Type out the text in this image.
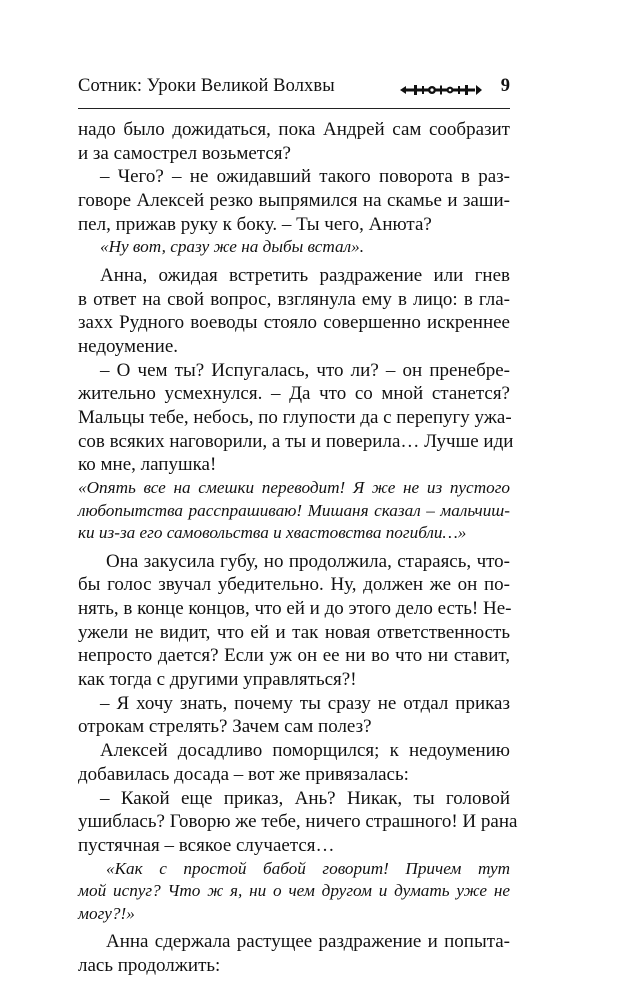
Сотник: Уроки Великой Волхвы	9
надо было дожидаться, пока Андрей сам сообразит
и за самострел возьмется?
– Чего? – не ожидавший такого поворота в раз-
говоре Алексей резко выпрямился на скамье и заши-
пел, прижав руку к боку. – Ты чего, Анюта?
«Ну вот, сразу же на дыбы встал».
Анна, ожидая встретить раздражение или гнев
в ответ на свой вопрос, взглянула ему в лицо: в гла-
захх Рудного воеводы стояло совершенно искреннее
недоумение.
– О чем ты? Испугалась, что ли? – он пренебре-
жительно усмехнулся. – Да что со мной станется?
Мальцы тебе, небось, по глупости да с перепугу ужа-
сов всяких наговорили, а ты и поверила… Лучше иди
ко мне, лапушка!
«Опять все на смешки переводит! Я же не из пустого
любопытства расспрашиваю! Мишаня сказал – мальчиш-
ки из-за его самовольства и хвастовства погибли…»
Она закусила губу, но продолжила, стараясь, что-
бы голос звучал убедительно. Ну, должен же он по-
нять, в конце концов, что ей и до этого дело есть! Не-
ужели не видит, что ей и так новая ответственность
непросто дается? Если уж он ее ни во что ни ставит,
как тогда с другими управляться?!
– Я хочу знать, почему ты сразу не отдал приказ
отрокам стрелять? Зачем сам полез?
Алексей досадливо поморщился; к недоумению
добавилась досада – вот же привязалась:
– Какой еще приказ, Ань? Никак, ты головой
ушиблась? Говорю же тебе, ничего страшного! И рана
пустячная – всякое случается…
«Как с простой бабой говорит! Причем тут
мой испуг? Что ж я, ни о чем другом и думать уже не
могу?!»
Анна сдержала растущее раздражение и попыта-
лась продолжить:
